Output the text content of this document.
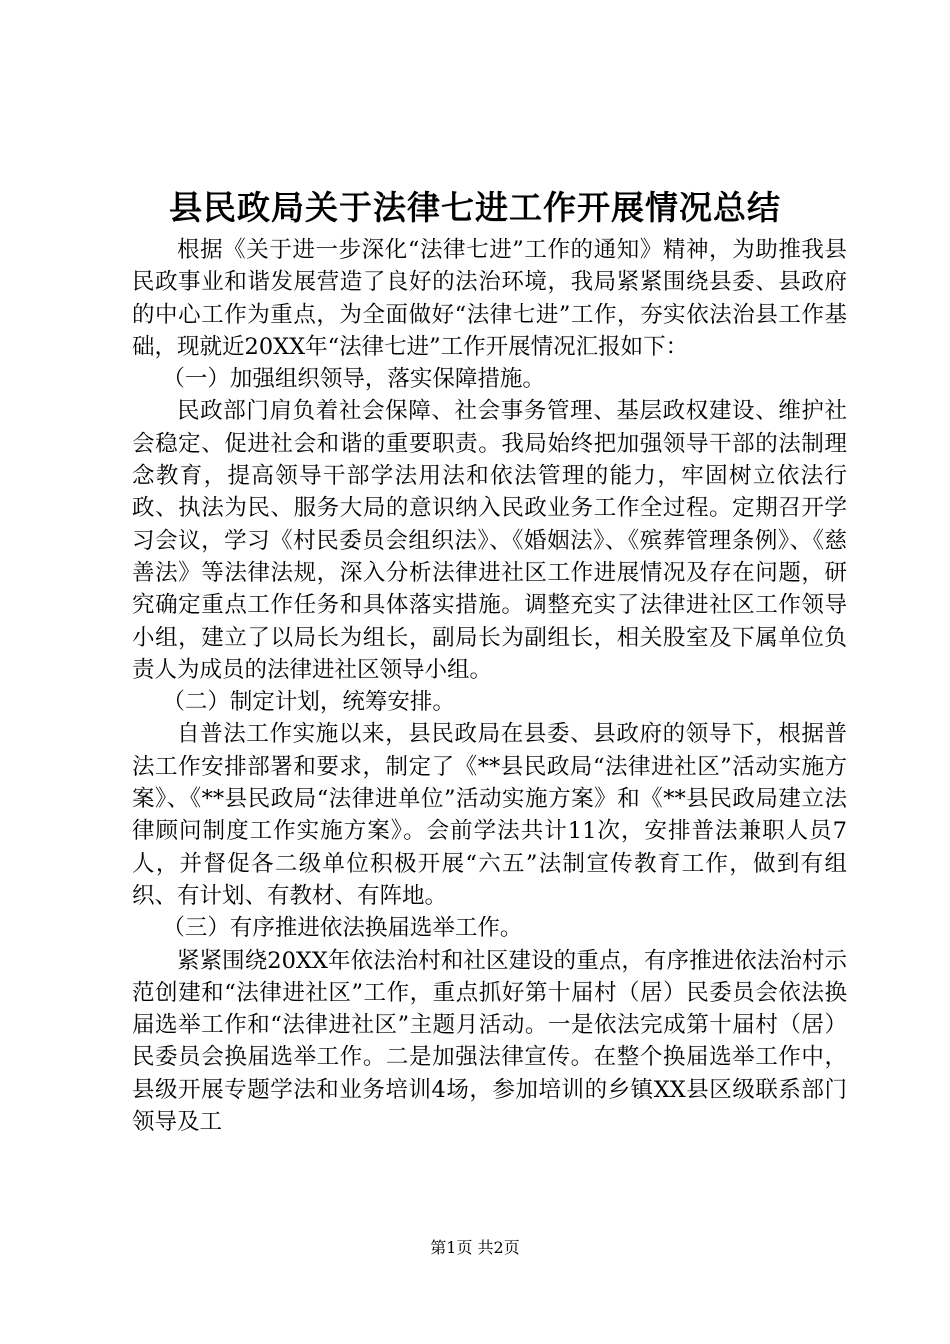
县民政局关于法律七进工作开展情况总结

根据《关于进一步深化“法律七进”工作的通知》精神，为助推我县民政事业和谐发展营造了良好的法治环境，我局紧紧围绕县委、县政府的中心工作为重点，为全面做好“法律七进”工作，夯实依法治县工作基础，现就近20XX年“法律七进”工作开展情况汇报如下：

（一）加强组织领导，落实保障措施。

民政部门肩负着社会保障、社会事务管理、基层政权建设、维护社会稳定、促进社会和谐的重要职责。我局始终把加强领导干部的法制理念教育，提高领导干部学法用法和依法管理的能力，牢固树立依法行政、执法为民、服务大局的意识纳入民政业务工作全过程。定期召开学习会议，学习《村民委员会组织法》、《婚姻法》、《殡葬管理条例》、《慈善法》等法律法规，深入分析法律进社区工作进展情况及存在问题，研究确定重点工作任务和具体落实措施。调整充实了法律进社区工作领导小组，建立了以局长为组长，副局长为副组长，相关股室及下属单位负责人为成员的法律进社区领导小组。

（二）制定计划，统筹安排。

自普法工作实施以来，县民政局在县委、县政府的领导下，根据普法工作安排部署和要求，制定了《**县民政局“法律进社区”活动实施方案》、《**县民政局“法律进单位”活动实施方案》和《**县民政局建立法律顾问制度工作实施方案》。会前学法共计11次，安排普法兼职人员7人，并督促各二级单位积极开展“六五”法制宣传教育工作，做到有组织、有计划、有教材、有阵地。

（三）有序推进依法换届选举工作。

紧紧围绕20XX年依法治村和社区建设的重点，有序推进依法治村示范创建和“法律进社区”工作，重点抓好第十届村（居）民委员会依法换届选举工作和“法律进社区”主题月活动。一是依法完成第十届村（居）民委员会换届选举工作。二是加强法律宣传。在整个换届选举工作中，县级开展专题学法和业务培训4场，参加培训的乡镇XX县区级联系部门领导及工

第1页 共2页
